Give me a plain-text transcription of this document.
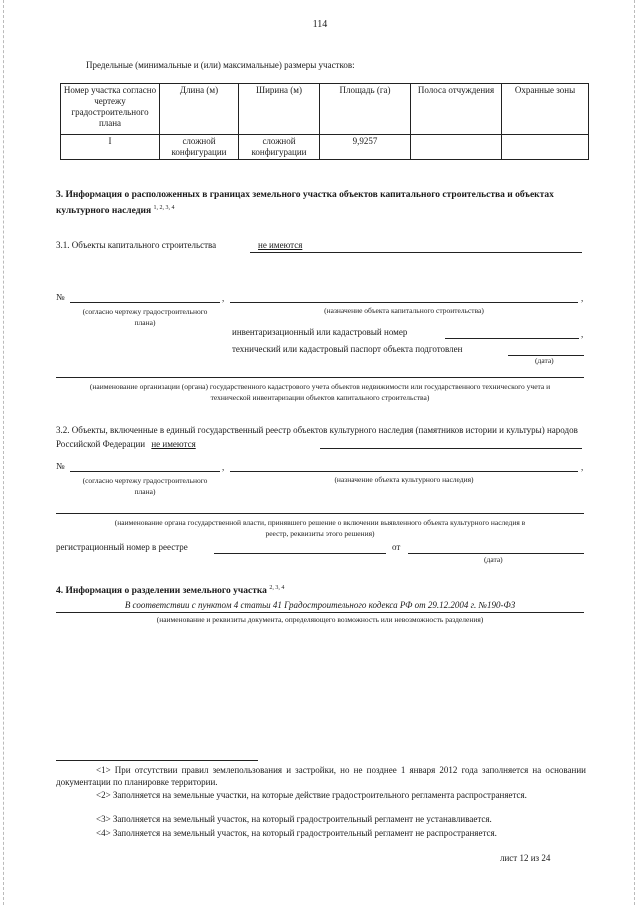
114
Предельные (минимальные и (или) максимальные) размеры участков:
Номер участка согласно чертежу градостроительного плана	Длина (м)	Ширина (м)	Площадь (га)	Полоса отчуждения	Охранные зоны
I	сложной конфигурации	сложной конфигурации	9,9257		
3. Информация о расположенных в границах земельного участка объектов капитального строительства и объектах культурного наследия $^{1, 2, 3, 4}$
3.1. Объекты капитального строительства	не имеются
№	,	,
(согласно чертежу градостроительного плана)
(назначение объекта капитального строительства)
инвентаризационный или кадастровый номер	,
технический или кадастровый паспорт объекта подготовлен
(дата)
(наименование организации (органа) государственного кадастрового учета объектов недвижимости или государственного технического учета и технической инвентаризации объектов капитального строительства)
3.2. Объекты, включенные в единый государственный реестр объектов культурного наследия (памятников истории и культуры) народов Российской Федерации не имеются
№	,	,
(согласно чертежу градостроительного плана)
(назначение объекта культурного наследия)
(наименование органа государственной власти, принявшего решение о включении выявленного объекта культурного наследия в реестр, реквизиты этого решения)
регистрационный номер в реестре	от
(дата)
4. Информация о разделении земельного участка $^{2, 3, 4}$
В соответствии с пунктом 4 статьи 41 Градостроительного кодекса РФ от 29.12.2004 г. №190-ФЗ
(наименование и реквизиты документа, определяющего возможность или невозможность разделения)
<1> При отсутствии правил землепользования и застройки, но не позднее 1 января 2012 года заполняется на основании документации по планировке территории.
<2> Заполняется на земельные участки, на которые действие градостроительного регламента распространяется.
<3> Заполняется на земельный участок, на который градостроительный регламент не устанавливается.
<4> Заполняется на земельный участок, на который градостроительный регламент не распространяется.
лист 12 из 24
